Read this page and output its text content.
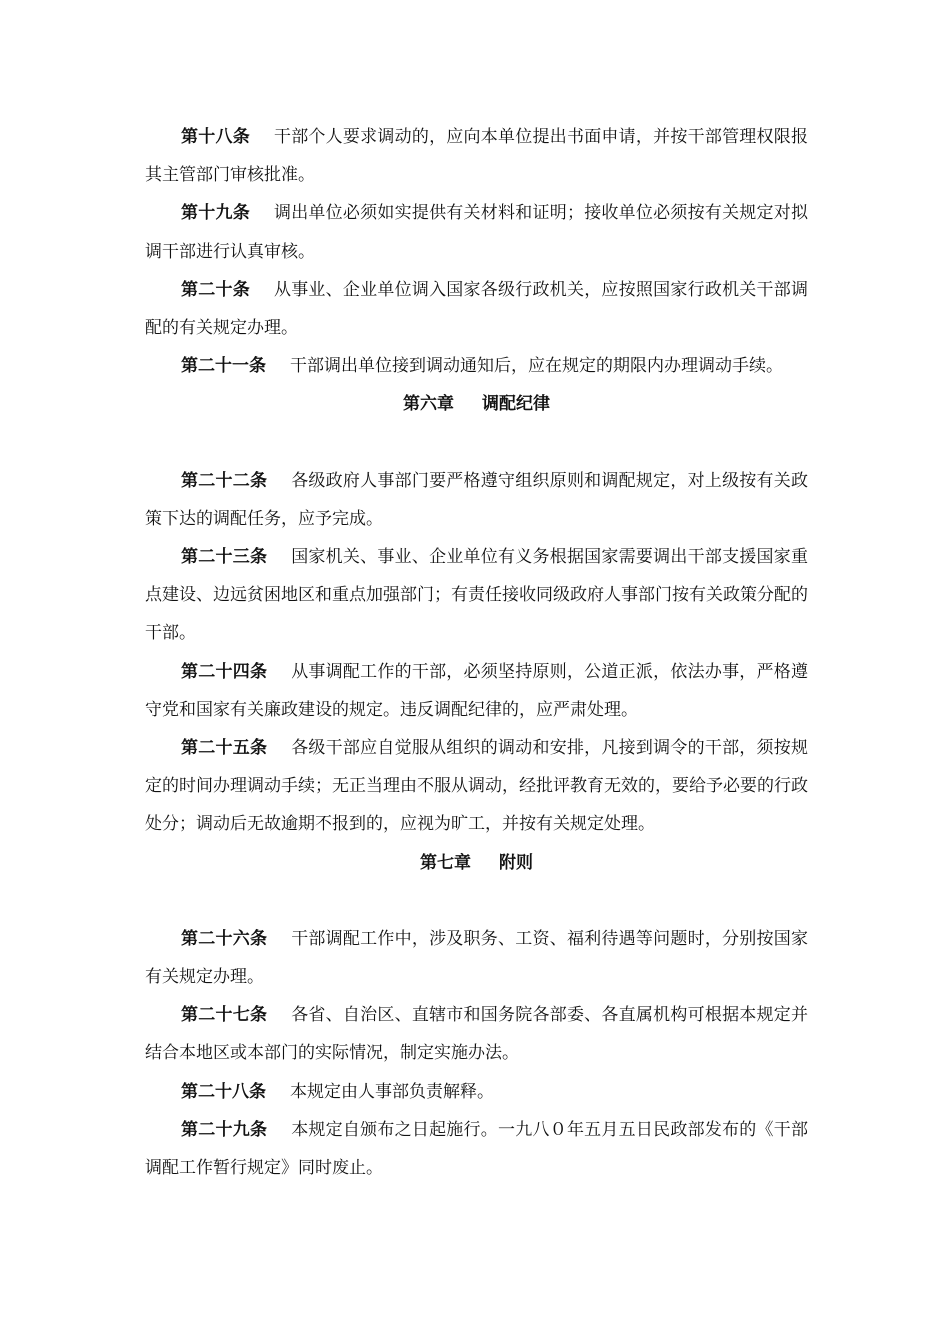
第十八条 干部个人要求调动的，应向本单位提出书面申请，并按干部管理权限报其主管部门审核批准。

第十九条 调出单位必须如实提供有关材料和证明；接收单位必须按有关规定对拟调干部进行认真审核。

第二十条 从事业、企业单位调入国家各级行政机关，应按照国家行政机关干部调配的有关规定办理。

第二十一条 干部调出单位接到调动通知后，应在规定的期限内办理调动手续。

第六章 调配纪律

第二十二条 各级政府人事部门要严格遵守组织原则和调配规定，对上级按有关政策下达的调配任务，应予完成。

第二十三条 国家机关、事业、企业单位有义务根据国家需要调出干部支援国家重点建设、边远贫困地区和重点加强部门；有责任接收同级政府人事部门按有关政策分配的干部。

第二十四条 从事调配工作的干部，必须坚持原则，公道正派，依法办事，严格遵守党和国家有关廉政建设的规定。违反调配纪律的，应严肃处理。

第二十五条 各级干部应自觉服从组织的调动和安排，凡接到调令的干部，须按规定的时间办理调动手续；无正当理由不服从调动，经批评教育无效的，要给予必要的行政处分；调动后无故逾期不报到的，应视为旷工，并按有关规定处理。

第七章 附则

第二十六条 干部调配工作中，涉及职务、工资、福利待遇等问题时，分别按国家有关规定办理。

第二十七条 各省、自治区、直辖市和国务院各部委、各直属机构可根据本规定并结合本地区或本部门的实际情况，制定实施办法。

第二十八条 本规定由人事部负责解释。

第二十九条 本规定自颁布之日起施行。一九八０年五月五日民政部发布的《干部调配工作暂行规定》同时废止。
